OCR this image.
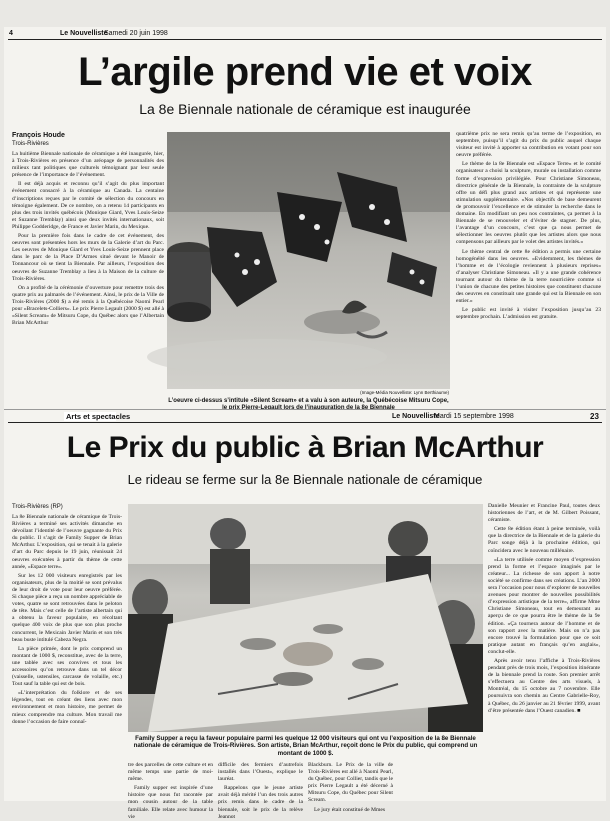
4	Le Nouvelliste
Samedi 20 juin 1998
L’argile prend vie et voix
La 8e Biennale nationale de céramique est inaugurée
François Houde
Trois-Rivières

La huitième Biennale nationale de céramique a été inaugurée, hier, à Trois-Rivières en présence d’un aréopage de personnalités des milieux tant politiques que culturels témoignant par leur seule présence de l’importance de l’événement.

Il est déjà acquis et reconnu qu’il s’agit du plus important événement consacré à la céramique au Canada. La centaine d’inscriptions reçues par le comité de sélection du concours en témoigne également. De ce nombre, on a retenu 14 participants en plus des trois invités québécois (Monique Giard, Yves Louis-Seize et Suzanne Tremblay) ainsi que deux invités internationaux, soit Philippe Godderidge, de France et Javier Marin, du Mexique.

Pour la première fois dans le cadre de cet événement, des oeuvres sont présentées hors les murs de la Galerie d’art du Parc. Les oeuvres de Monique Giard et Yves Louis-Seize prennent place dans le parc de la Place D’Armes situé devant le Manoir de Tonnancour où se tient la Biennale. Par ailleurs, l’exposition des oeuvres de Suzanne Tremblay a lieu à la Maison de la culture de Trois-Rivières.

On a profité de la cérémonie d’ouverture pour remettre trois des quatre prix au palmarès de l’événement. Ainsi, le prix de la Ville de Trois-Rivières (2000 $) a été remis à la Québécoise Naomi Pearl pour «Bracelets-Colliers». Le prix Pierre Legault (2000 $) est allé à «Silent Scream» de Mitsuru Cope, du Québec alors que l’Albertain Brian McArthur

(Image-Média Nouvelliste: Lynn Berthiaume)
L’oeuvre ci-dessus s’intitule «Silent Scream» et a valu à son auteure, la Québécoise Mitsuru Cope,

quatrième prix ne sera remis qu’au terme de l’exposition, en septembre, puisqu’il s’agit du prix du public auquel chaque visiteur est invité à apporter sa contribution en votant pour son oeuvre préférée.

Le thème de la 8e Biennale est «Espace Terre» et le comité organisateur a choisi la sculpture, murale ou installation comme forme d’expression privilégiée. Pour Christiane Simoneau, directrice générale de la Biennale, la contrainte de la sculpture offre un défi plus grand aux artistes et qui représente une stimulation supplémentaire. «Nos objectifs de base demeurent de promouvoir l’excellence et de stimuler la recherche dans le domaine. En modifiant un peu nos contraintes, ça permet à la Biennale de se renouveler et d’éviter de stagner. De plus, l’avantage d’un concours, c’est que ça nous permet de sélectionner les oeuvres plutôt que les artistes alors que nous compensons par ailleurs par le volet des artistes invités.»

Le thème central de cette 8e édition a permis une certaine homogénéité dans les oeuvres. «Evidemment, les thèmes de l’homme et de l’écologie reviennent à plusieurs reprises» d’analyser Christiane Simoneau. «Il y a une grande cohérence tournant autour du thème de la terre nourricière comme si l’union de chacune des petites histoires que constituent chacune des oeuvres en constituait une grande qui est la Biennale en son entier.»

Le public est invité à visiter l’exposition jusqu’au 23 septembre prochain. L’admission est gratuite.

Arts et spectacles	Le Nouvelliste
Mardi 15 septembre 1998	23
Le Prix du public à Brian McArthur
Le rideau se ferme sur la 8e Biennale nationale de céramique
Trois-Rivières (RP)

La 8e Biennale nationale de céramique de Trois-Rivières a terminé ses activités dimanche en dévoilant l’identité de l’oeuvre gagnante du Prix du public. Il s’agit de Family Supper de Brian McArthur. L’exposition, qui se tenait à la galerie d’art du Parc depuis le 19 juin, réunissait 24 oeuvres exécutées à partir du thème de cette année, «Espace terre».

Sur les 12 000 visiteurs enregistrés par les organisateurs, plus de la moitié se sont prévalus de leur droit de vote pour leur oeuvre préférée. Si chaque pièce a reçu un nombre appréciable de votes, quatre se sont retrouvées dans le peloton de tête. Mais c’est celle de l’artiste albertain qui a obtenu la faveur populaire, en récoltant quelque 400 voix de plus que son plus proche concurrent, le Mexicain Javier Marin et son très beau buste intitulé Cabeza Negra.

La pièce primée, dont le prix comprend un montant de 1000 $, reconstitue, avec de la terre, une tablée avec ses convives et tous les accessoires qu’on retrouve dans un tel décor (vaisselle, ustensiles, carcasse de volaille, etc.) Tout sauf la table qui est de bois.

«L’interprétation du folklore et de ses légendes, tout en créant des liens avec mon environnement et mon histoire, me permet de mieux comprendre ma culture. Mon travail me donne l’occasion de faire connaî-

Family Supper a reçu la faveur populaire parmi les quelque 12 000 visiteurs qui ont vu l’exposition de la 8e Biennale nationale de céramique de Trois-Rivières. Son artiste, Brian McArthur, reçoit donc le Prix du public, qui comprend un montant de 1000 $.

tre des parcelles de cette culture et en même temps une partie de moi-même.

Family supper est inspirée d’une histoire que nous fut racontée par mon cousin autour de la table familiale. Elle relate avec humour la vie

difficile des fermiers d’autrefois installés dans l’Ouest», explique le lauréat.

Rappelons que le jeune artiste avait déjà mérité l’un des trois autres prix remis dans le cadre de la biennale, soit le prix de la relève Jeannot

Blackburn. Le Prix de la ville de Trois-Rivières est allé à Naomi Pearl, du Québec, pour Collier, tandis que le prix Pierre Legault a été décerné à Mitsuru Cope, du Québec pour Silent Scream.

Le jury était constitué de Mmes

Danielle Meunier et Francine Paul, toutes deux historiennes de l’art, et de M. Gilbert Poissant, céramiste.

Cette 8e édition étant à peine terminée, voilà que la directrice de la Biennale et de la galerie du Parc songe déjà à la prochaine édition, qui coïncidera avec le nouveau millénaire.

«La terre utilisée comme moyen d’expression prend la forme et l’espace imaginés par le créateur... La richesse de son apport à notre société se confirme dans ses créations. L’an 2000 sera l’occasion pour nous d’explorer de nouvelles avenues pour montrer de nouvelles possibilités d’expression artistique de la terre», affirme Mme Christiane Simoneau, tout en demeurant au aperçu de ce que pourra être le thème de la 9e édition. «Ça tournera autour de l’homme et de son rapport avec la matière. Mais on n’a pas encore trouvé la formulation pour que ce soit pratique autant en français qu’en anglais», conclut-elle.

Après avoir tenu l’affiche à Trois-Rivières pendant près de trois mois, l’exposition itinérante de la biennale prend la route. Son premier arrêt s’effectuera au Centre des arts visuels, à Montréal, du 15 octobre au 7 novembre. Elle poursuivra son chemin au Centre Gabrielle-Roy, à Québec, du 26 janvier au 21 février 1999, avant d’être présentée dans l’Ouest canadien. ■
